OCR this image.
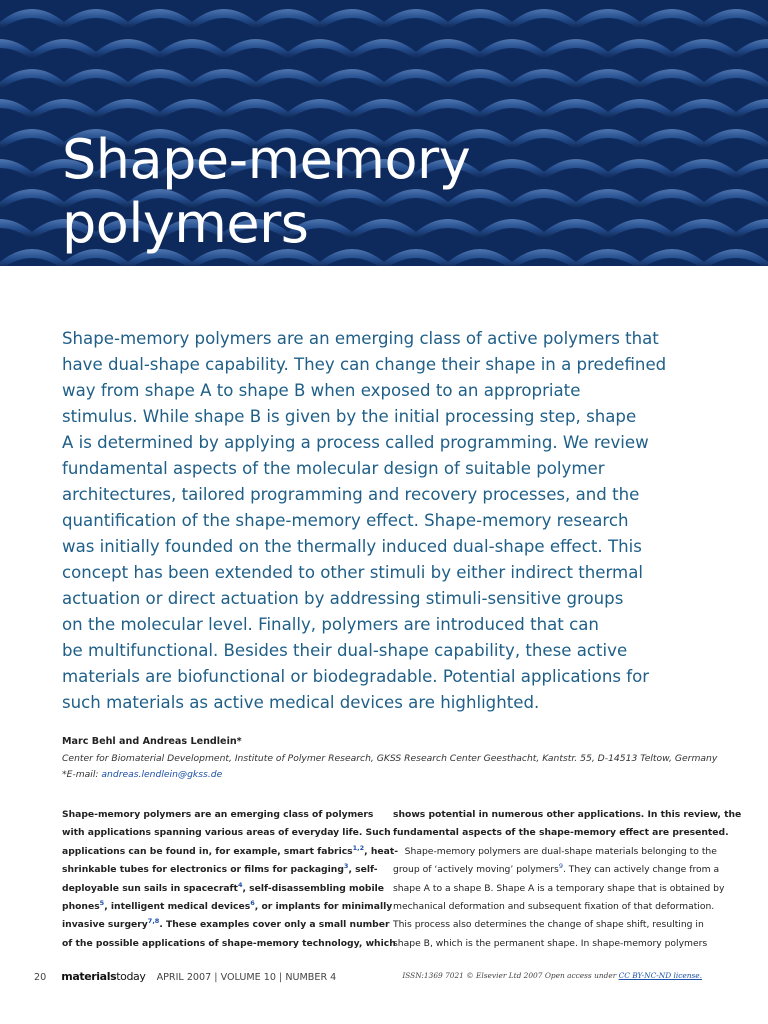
Shape-memory
polymers

Shape-memory polymers are an emerging class of active polymers that
have dual-shape capability. They can change their shape in a predefined
way from shape A to shape B when exposed to an appropriate
stimulus. While shape B is given by the initial processing step, shape
A is determined by applying a process called programming. We review
fundamental aspects of the molecular design of suitable polymer
architectures, tailored programming and recovery processes, and the
quantification of the shape-memory effect. Shape-memory research
was initially founded on the thermally induced dual-shape effect. This
concept has been extended to other stimuli by either indirect thermal
actuation or direct actuation by addressing stimuli-sensitive groups
on the molecular level. Finally, polymers are introduced that can
be multifunctional. Besides their dual-shape capability, these active
materials are biofunctional or biodegradable. Potential applications for
such materials as active medical devices are highlighted.

Marc Behl and Andreas Lendlein*

Center for Biomaterial Development, Institute of Polymer Research, GKSS Research Center Geesthacht, Kantstr. 55, D-14513 Teltow, Germany

*E-mail: andreas.lendlein@gkss.de

Shape-memory polymers are an emerging class of polymers
with applications spanning various areas of everyday life. Such
applications can be found in, for example, smart fabrics$^{1,2}$, heat-
shrinkable tubes for electronics or films for packaging$^3$, self-
deployable sun sails in spacecraft$^4$, self-disassembling mobile
phones$^5$, intelligent medical devices$^6$, or implants for minimally
invasive surgery$^{7,8}$. These examples cover only a small number
of the possible applications of shape-memory technology, which
shows potential in numerous other applications. In this review, the
fundamental aspects of the shape-memory effect are presented.
Shape-memory polymers are dual-shape materials belonging to the
group of ‘actively moving’ polymers$^9$. They can actively change from a
shape A to a shape B. Shape A is a temporary shape that is obtained by
mechanical deformation and subsequent fixation of that deformation.
This process also determines the change of shape shift, resulting in
shape B, which is the permanent shape. In shape-memory polymers
20 materialstoday APRIL 2007 | VOLUME 10 | NUMBER 4	ISSN:1369 7021 © Elsevier Ltd 2007 Open access under CC BY-NC-ND license.
